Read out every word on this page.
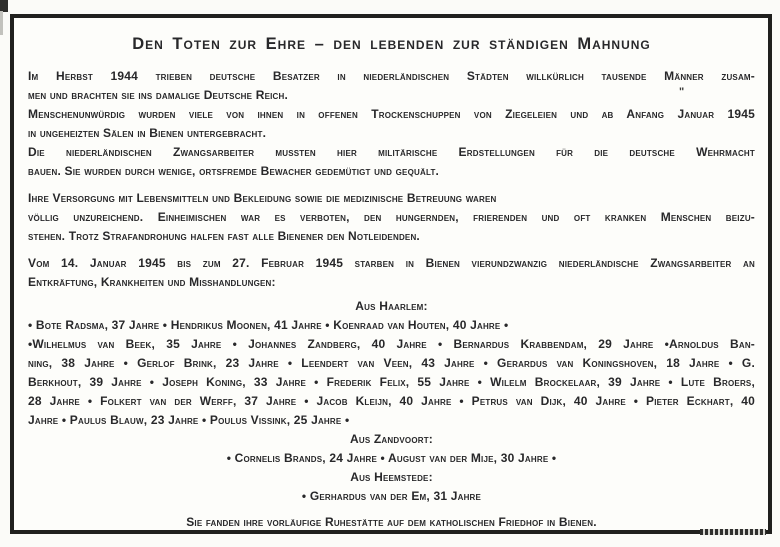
Den Toten zur Ehre – den lebenden zur ständigen Mahnung
Im Herbst 1944 trieben deutsche Besatzer in niederländischen Städten willkürlich tausende Männer zusam-
men und brachten sie ins damalige Deutsche Reich.
Menschenunwürdig wurden viele von ihnen in offenen Trockenschuppen von Ziegeleien und ab Anfang Januar 1945
in ungeheizten Sälen in Bienen untergebracht.
Die niederländischen Zwangsarbeiter mussten hier militärische Erdstellungen für die deutsche Wehrmacht
bauen. Sie wurden durch wenige, ortsfremde Bewacher gedemütigt und gequält.
Ihre Versorgung mit Lebensmitteln und Bekleidung sowie die medizinische Betreuung waren
völlig unzureichend. Einheimischen war es verboten, den hungernden, frierenden und oft kranken Menschen beizu-
stehen. Trotz Strafandrohung halfen fast alle Bienener den Notleidenden.
Vom 14. Januar 1945 bis zum 27. Februar 1945 starben in Bienen vierundzwanzig niederländische Zwangsarbeiter an
Entkräftung, Krankheiten und Mißhandlungen:
Aus Haarlem:
• Bote Radsma, 37 Jahre • Hendrikus Moonen, 41 Jahre • Koenraad van Houten, 40 Jahre •
•Wilhelmus van Beek, 35 Jahre • Johannes Zandberg, 40 Jahre • Bernardus Krabbendam, 29 Jahre •Arnoldus Ban-
ning, 38 Jahre • Gerlof Brink, 23 Jahre • Leendert van Veen, 43 Jahre • Gerardus van Koningshoven, 18 Jahre • G.
Berkhout, 39 Jahre • Joseph Koning, 33 Jahre • Frederik Felix, 55 Jahre • Wilelm Brockelaar, 39 Jahre • Lute Broers,
28 Jahre • Folkert van der Werff, 37 Jahre • Jacob Kleijn, 40 Jahre • Petrus van Dijk, 40 Jahre • Pieter Eckhart, 40
Jahre • Paulus Blauw, 23 Jahre • Poulus Vissink, 25 Jahre •
Aus Zandvoort:
• Cornelis Brands, 24 Jahre • August van der Mije, 30 Jahre •
Aus Heemstede:
• Gerhardus van der Em, 31 Jahre
Sie fanden ihre vorläufige Ruhestätte auf dem katholischen Friedhof in Bienen.
"
